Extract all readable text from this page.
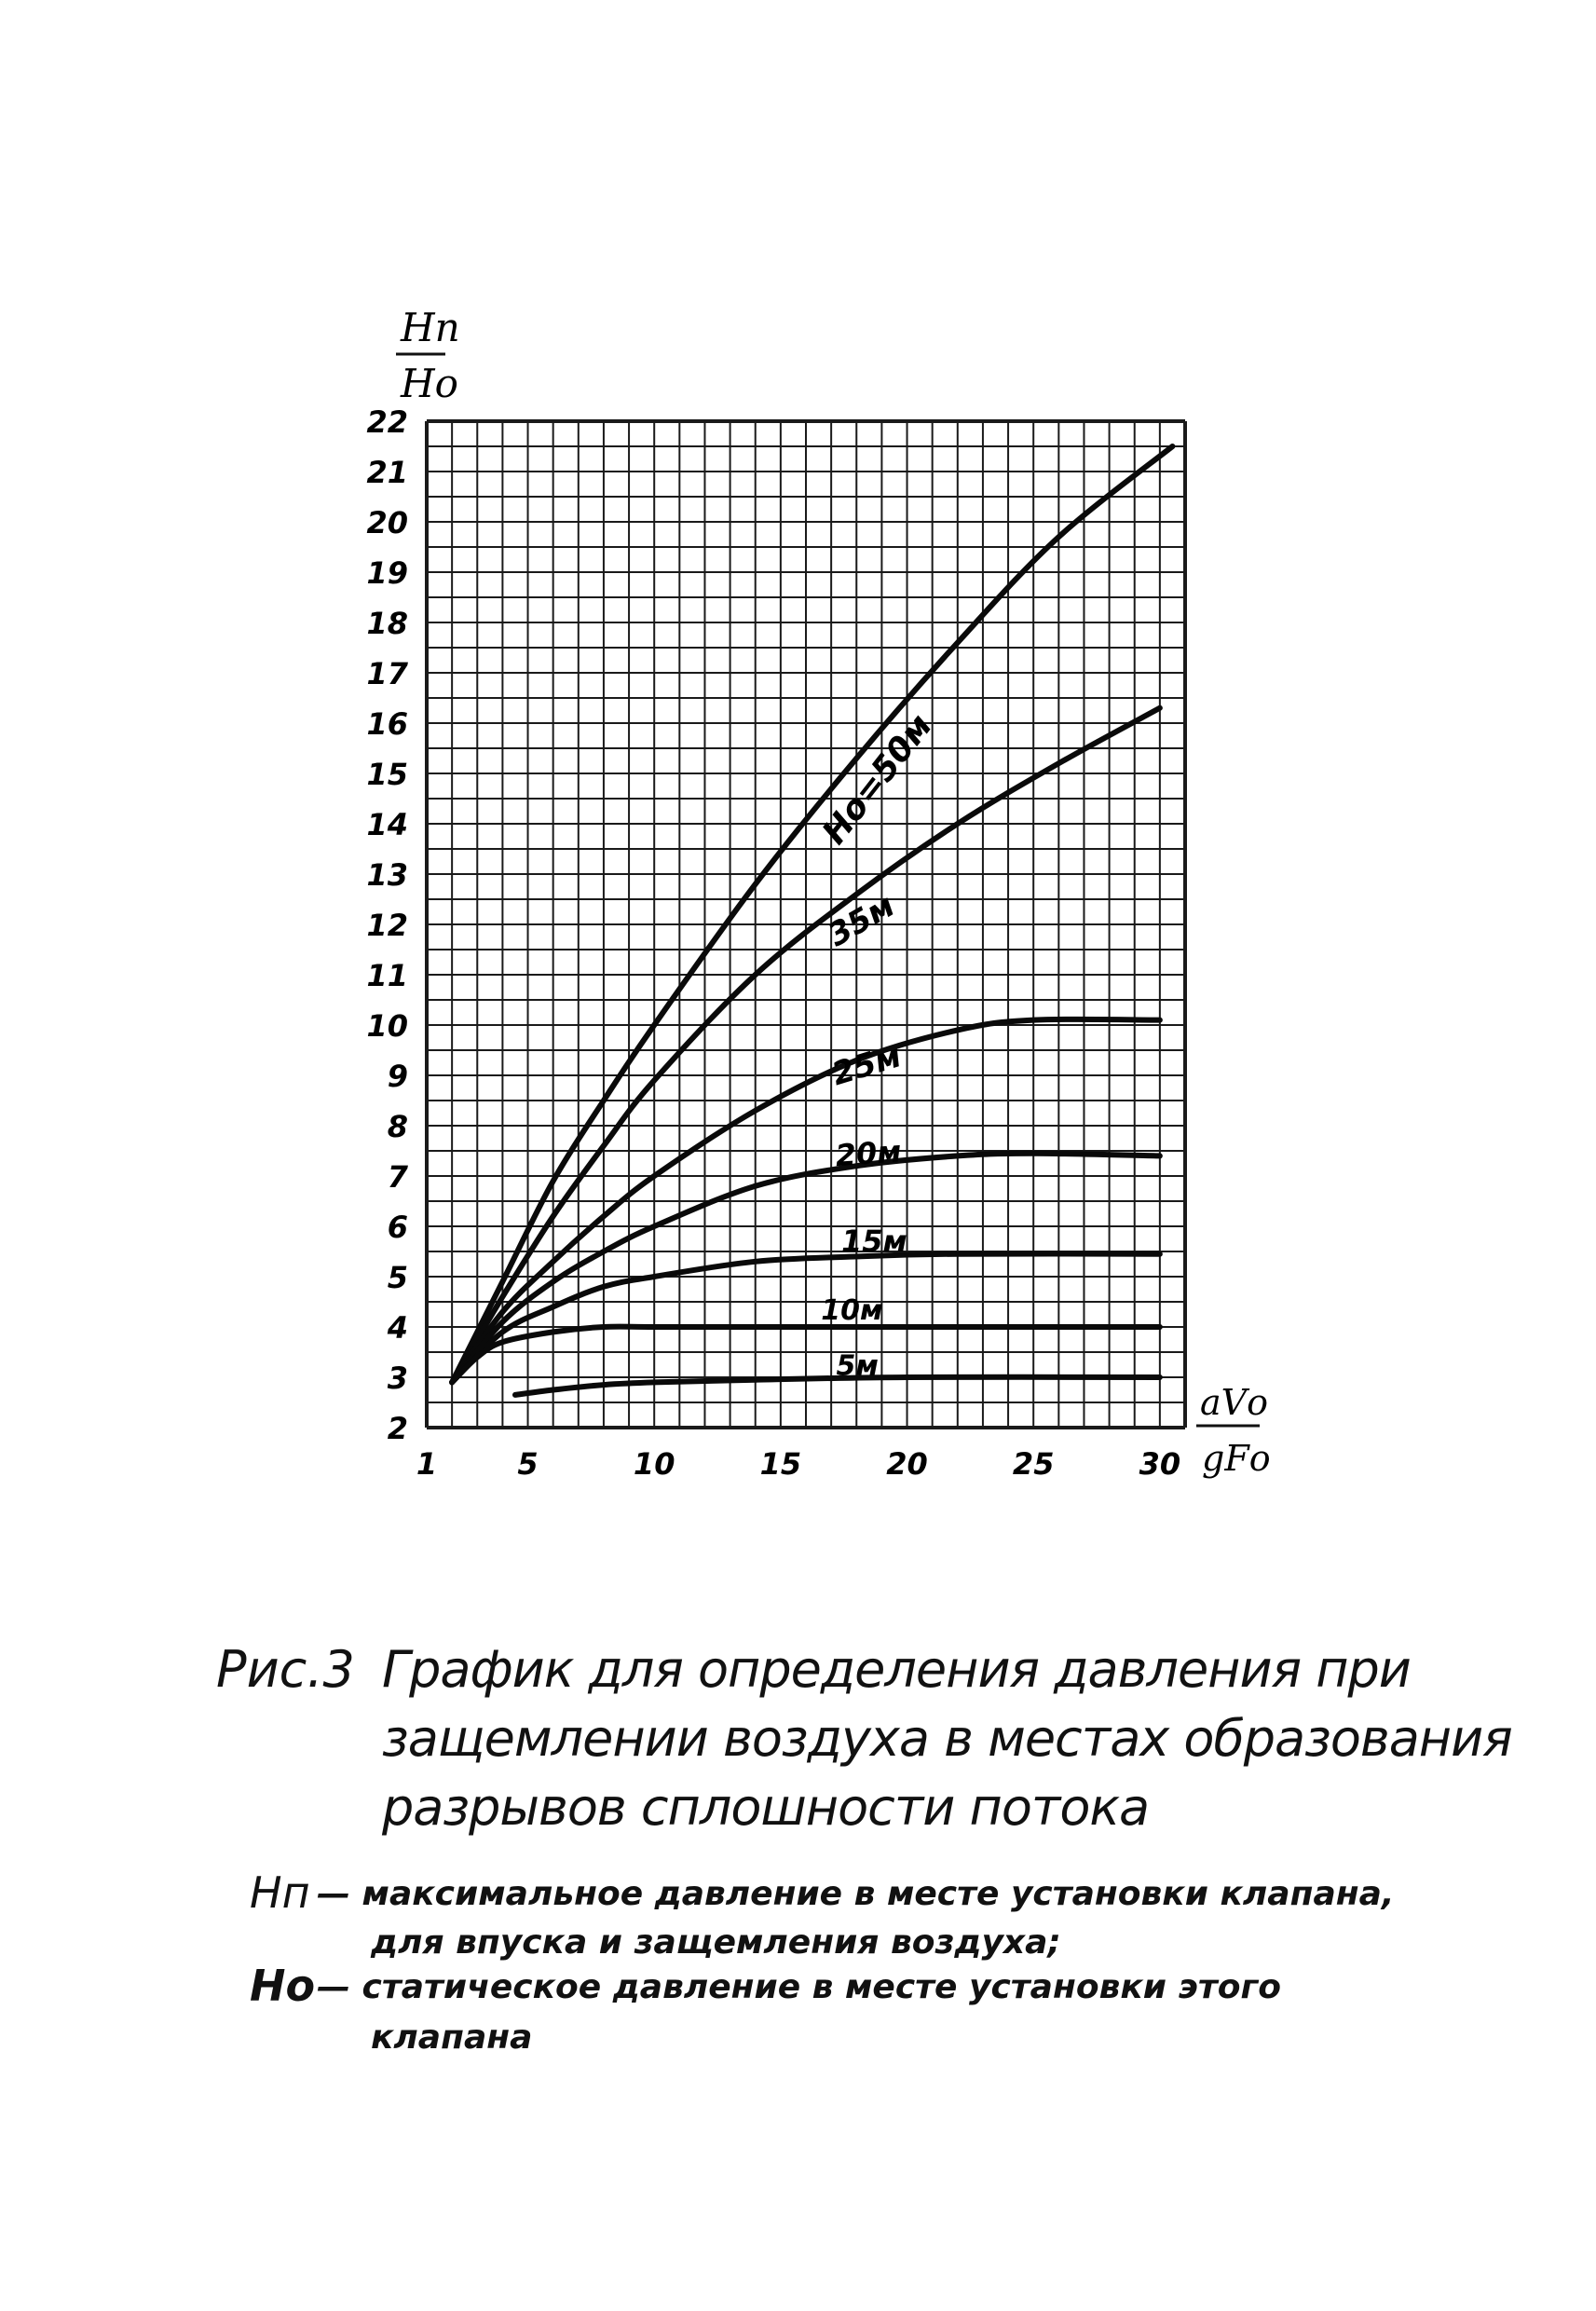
2
3
4
5
6
7
8
9
10
11
12
13
14
15
16
17
18
19
20
21
22
1	5	10	15	20	25	30
Hо=50м
35м
25м
20м
15м
10м
5м
Hп
Hо
aVо
gFо
Рис.3 График для определения давления при
защемлении воздуха в местах образования
разрывов сплошности потока
Hп — максимальное давление в месте установки клапана,
для впуска и защемления воздуха;
Hо — статическое давление в месте установки этого
клапана
